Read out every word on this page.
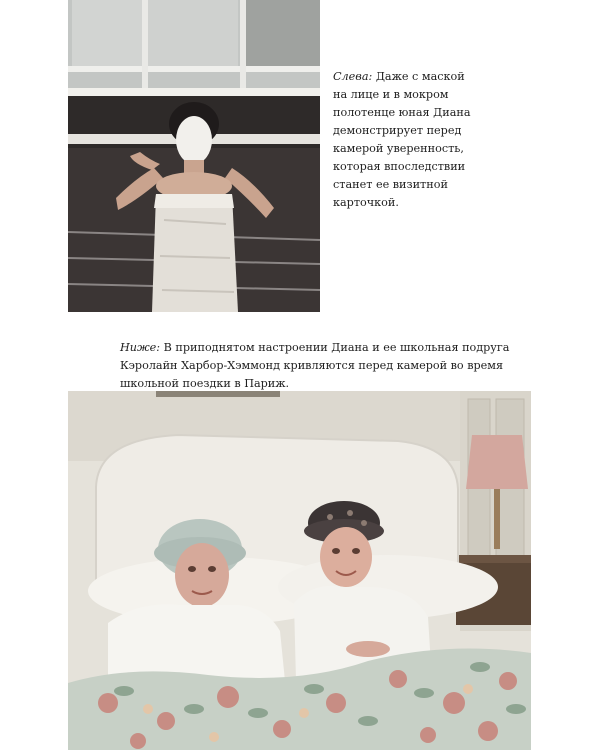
Слева: Даже с маской
на лице и в мокром
полотенце юная Диана
демонстрирует перед
камерой уверенность,
которая впоследствии
станет ее визитной
карточкой.
Ниже: В приподнятом настроении Диана и ее школьная подруга
Кэролайн Харбор-Хэммонд кривляются перед камерой во время
школьной поездки в Париж.
